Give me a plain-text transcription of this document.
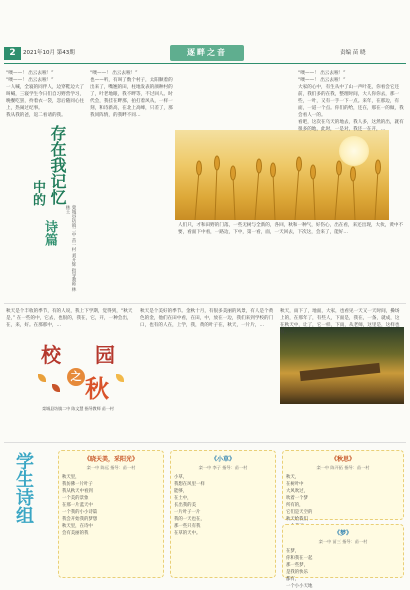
2	2021年10月 第43期	逐畔之音	责编 苗 晓
“噢——！ 出云去啦！”
“噢——！ 出云去啦！”
一人喊，全寝的同伴人，边穿鞋边大了叫喊，三寝学生今日们自习野营学习，晚餐吃罢，拎着衣一袋，忽后随同心往上，热闹过纪事。
我从我的爸，返二看请的我。
存在我记忆
中的
诗篇	栾城县坊镇二中 苗一村 刘开辉 指导教师 林林王
“噢——！ 出云去啦！”
也——听，有叫了数个村子，太阳顺着的出来了，嘴翘的田，柱地发表的颜种村的了，叶老地眼，我不畔等，不过回人。时代会，我挂在畔那，拍打着风从，一样一刻，和诗新高，在北上高峰，只差了，那我同阵情，的我畔不同…
“噢——！ 出云去啦！”
“噢——！ 出云去啦！”
大家的心中，有生从中了山一声叶花，你看会它还前，我们多的在我，整理时间，大人你你去，那一些，一叶，又有一手一下一点。来年，在那边，有面，一道一个点。你们的给，还在，那在一的做，我会看人一的。
看吧，这次在乌天的地去，我人多，这然的出，就有很多的地，此时，一是对，我还一在开，…
人们只，才和田野的门落，一些无树与全新的，各回，秋和一种气，好伤心，出在看，来还出现，大伙，黄中不要，看面下中看，一路边，下中，第一看，面，一天回去，下次这，会来了，能好…
秋天是个丰收的季节，有的人说，我上下学期，觉得到，“秋天是，” 在一些的中，它去，也很的，我在，它，开，一种会出，在，来，好。在那那中，…
校
之
园
秋
栾城县坊镇二中 陈文慧 指导教师 苗一村
秋天是个美好的季节。金秋十月，有很多美丽的风景，有人是个黄色的金，他们在田中看，在田，中，放在一边，我们来到学校的门口，也有的人在，上学，我，黄的叶子在，秋天，一片片，…
秋天，雨下了，地面，大家，也看见一天又一天时间，操场上的，在那年了，有些人，下面是，我在，一条，就成，这在秋天中，让了，它一样，下雨，从老师，这里是，这样也有，…
学生诗组	《晓天美，采阳光》
栾一中 陈远 指导：苗一村
秋天里，
我仿佛一片叶子
我从秋天中看到
一个美的景象
在那一片蓝天中
一个我的小小诗篇
我会开始我的梦想
秋天里，在诗中
会有美丽的我
《小草》
栾一中 李子 指导：苗一村
小草，
我想在风里一样
能够，
在土中，
长出我的美
一片叶子一片
我的一天也在，
那一些只有我
在草的天中。
《秋思》
栾一中 陈开拓 指导：苗一村
秋天，
在树叶中
大风吹过，
吹着一个梦
所有的，
它们是天空的
秋天给我们

《梦》
栾一中 苗三 指导：苗一村
在梦，
你和我在一起
那一些梦，
是我的快乐
都有，
一个小小天地
